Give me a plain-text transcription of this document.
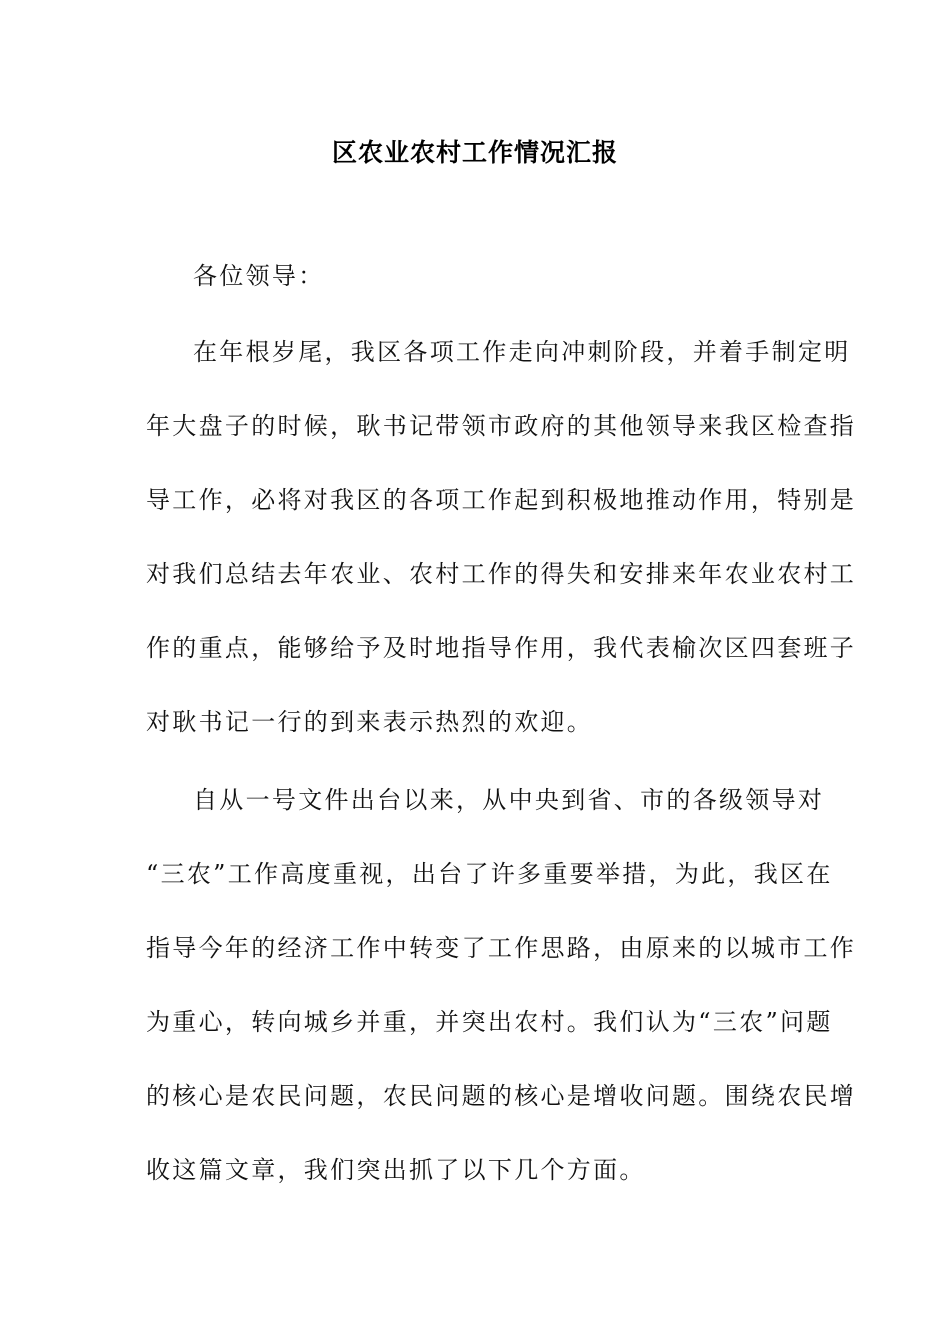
区农业农村工作情况汇报
各位领导：
在年根岁尾，我区各项工作走向冲刺阶段，并着手制定明
年大盘子的时候，耿书记带领市政府的其他领导来我区检查指
导工作，必将对我区的各项工作起到积极地推动作用，特别是
对我们总结去年农业、农村工作的得失和安排来年农业农村工
作的重点，能够给予及时地指导作用，我代表榆次区四套班子
对耿书记一行的到来表示热烈的欢迎。
自从一号文件出台以来，从中央到省、市的各级领导对
“三农”工作高度重视，出台了许多重要举措，为此，我区在
指导今年的经济工作中转变了工作思路，由原来的以城市工作
为重心，转向城乡并重，并突出农村。我们认为“三农”问题
的核心是农民问题，农民问题的核心是增收问题。围绕农民增
收这篇文章，我们突出抓了以下几个方面。
